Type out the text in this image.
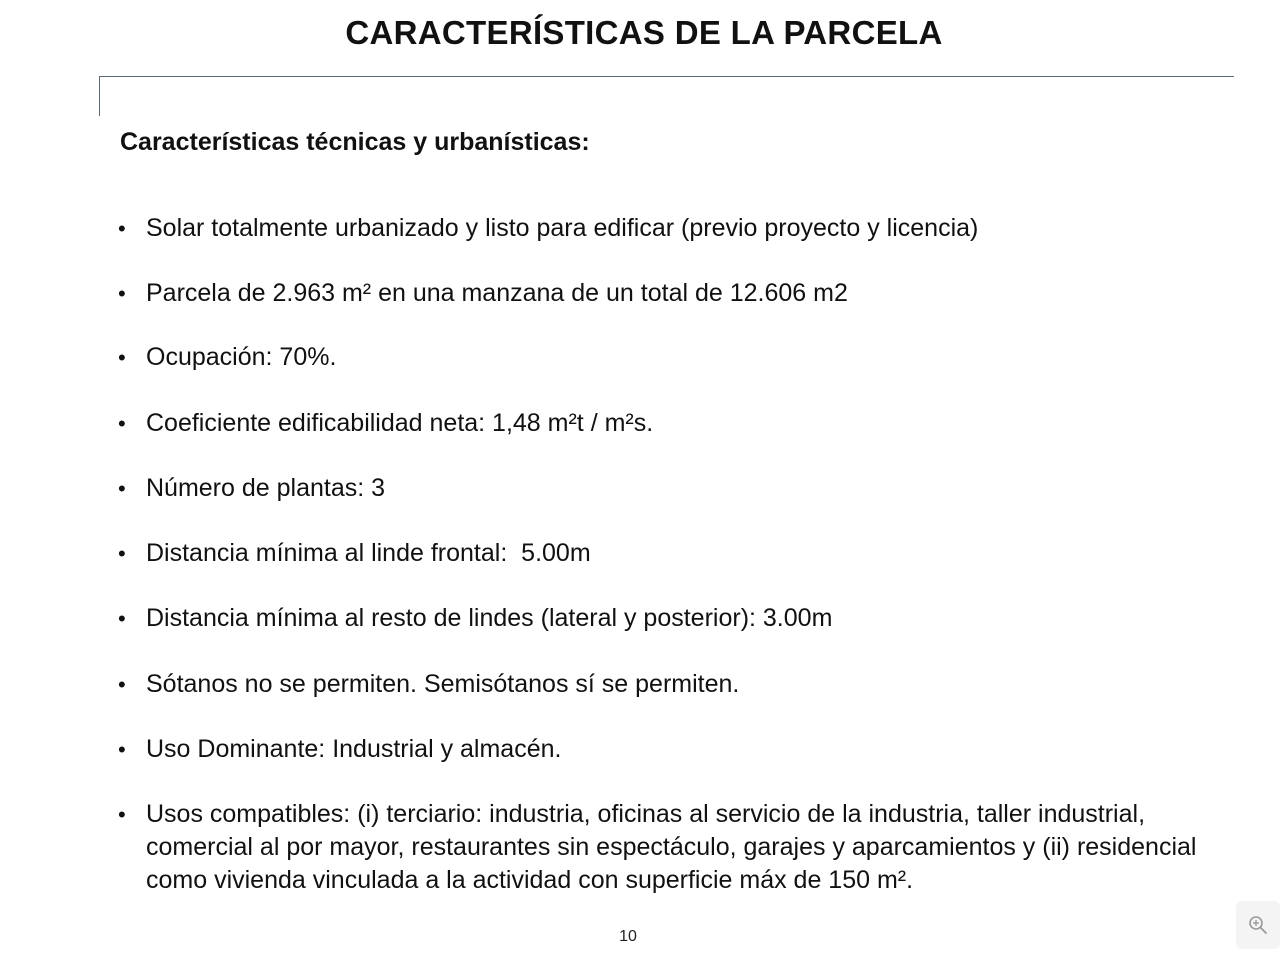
CARACTERÍSTICAS DE LA PARCELA
Características técnicas y urbanísticas:
• Solar totalmente urbanizado y listo para edificar (previo proyecto y licencia)
• Parcela de 2.963 m² en una manzana de un total de 12.606 m2
• Ocupación: 70%.
• Coeficiente edificabilidad neta: 1,48 m²t / m²s.
• Número de plantas: 3
• Distancia mínima al linde frontal:  5.00m
• Distancia mínima al resto de lindes (lateral y posterior): 3.00m
• Sótanos no se permiten. Semisótanos sí se permiten.
• Uso Dominante: Industrial y almacén.
• Usos compatibles: (i) terciario: industria, oficinas al servicio de la industria, taller industrial, comercial al por mayor, restaurantes sin espectáculo, garajes y aparcamientos y (ii) residencial como vivienda vinculada a la actividad con superficie máx de 150 m².
10
